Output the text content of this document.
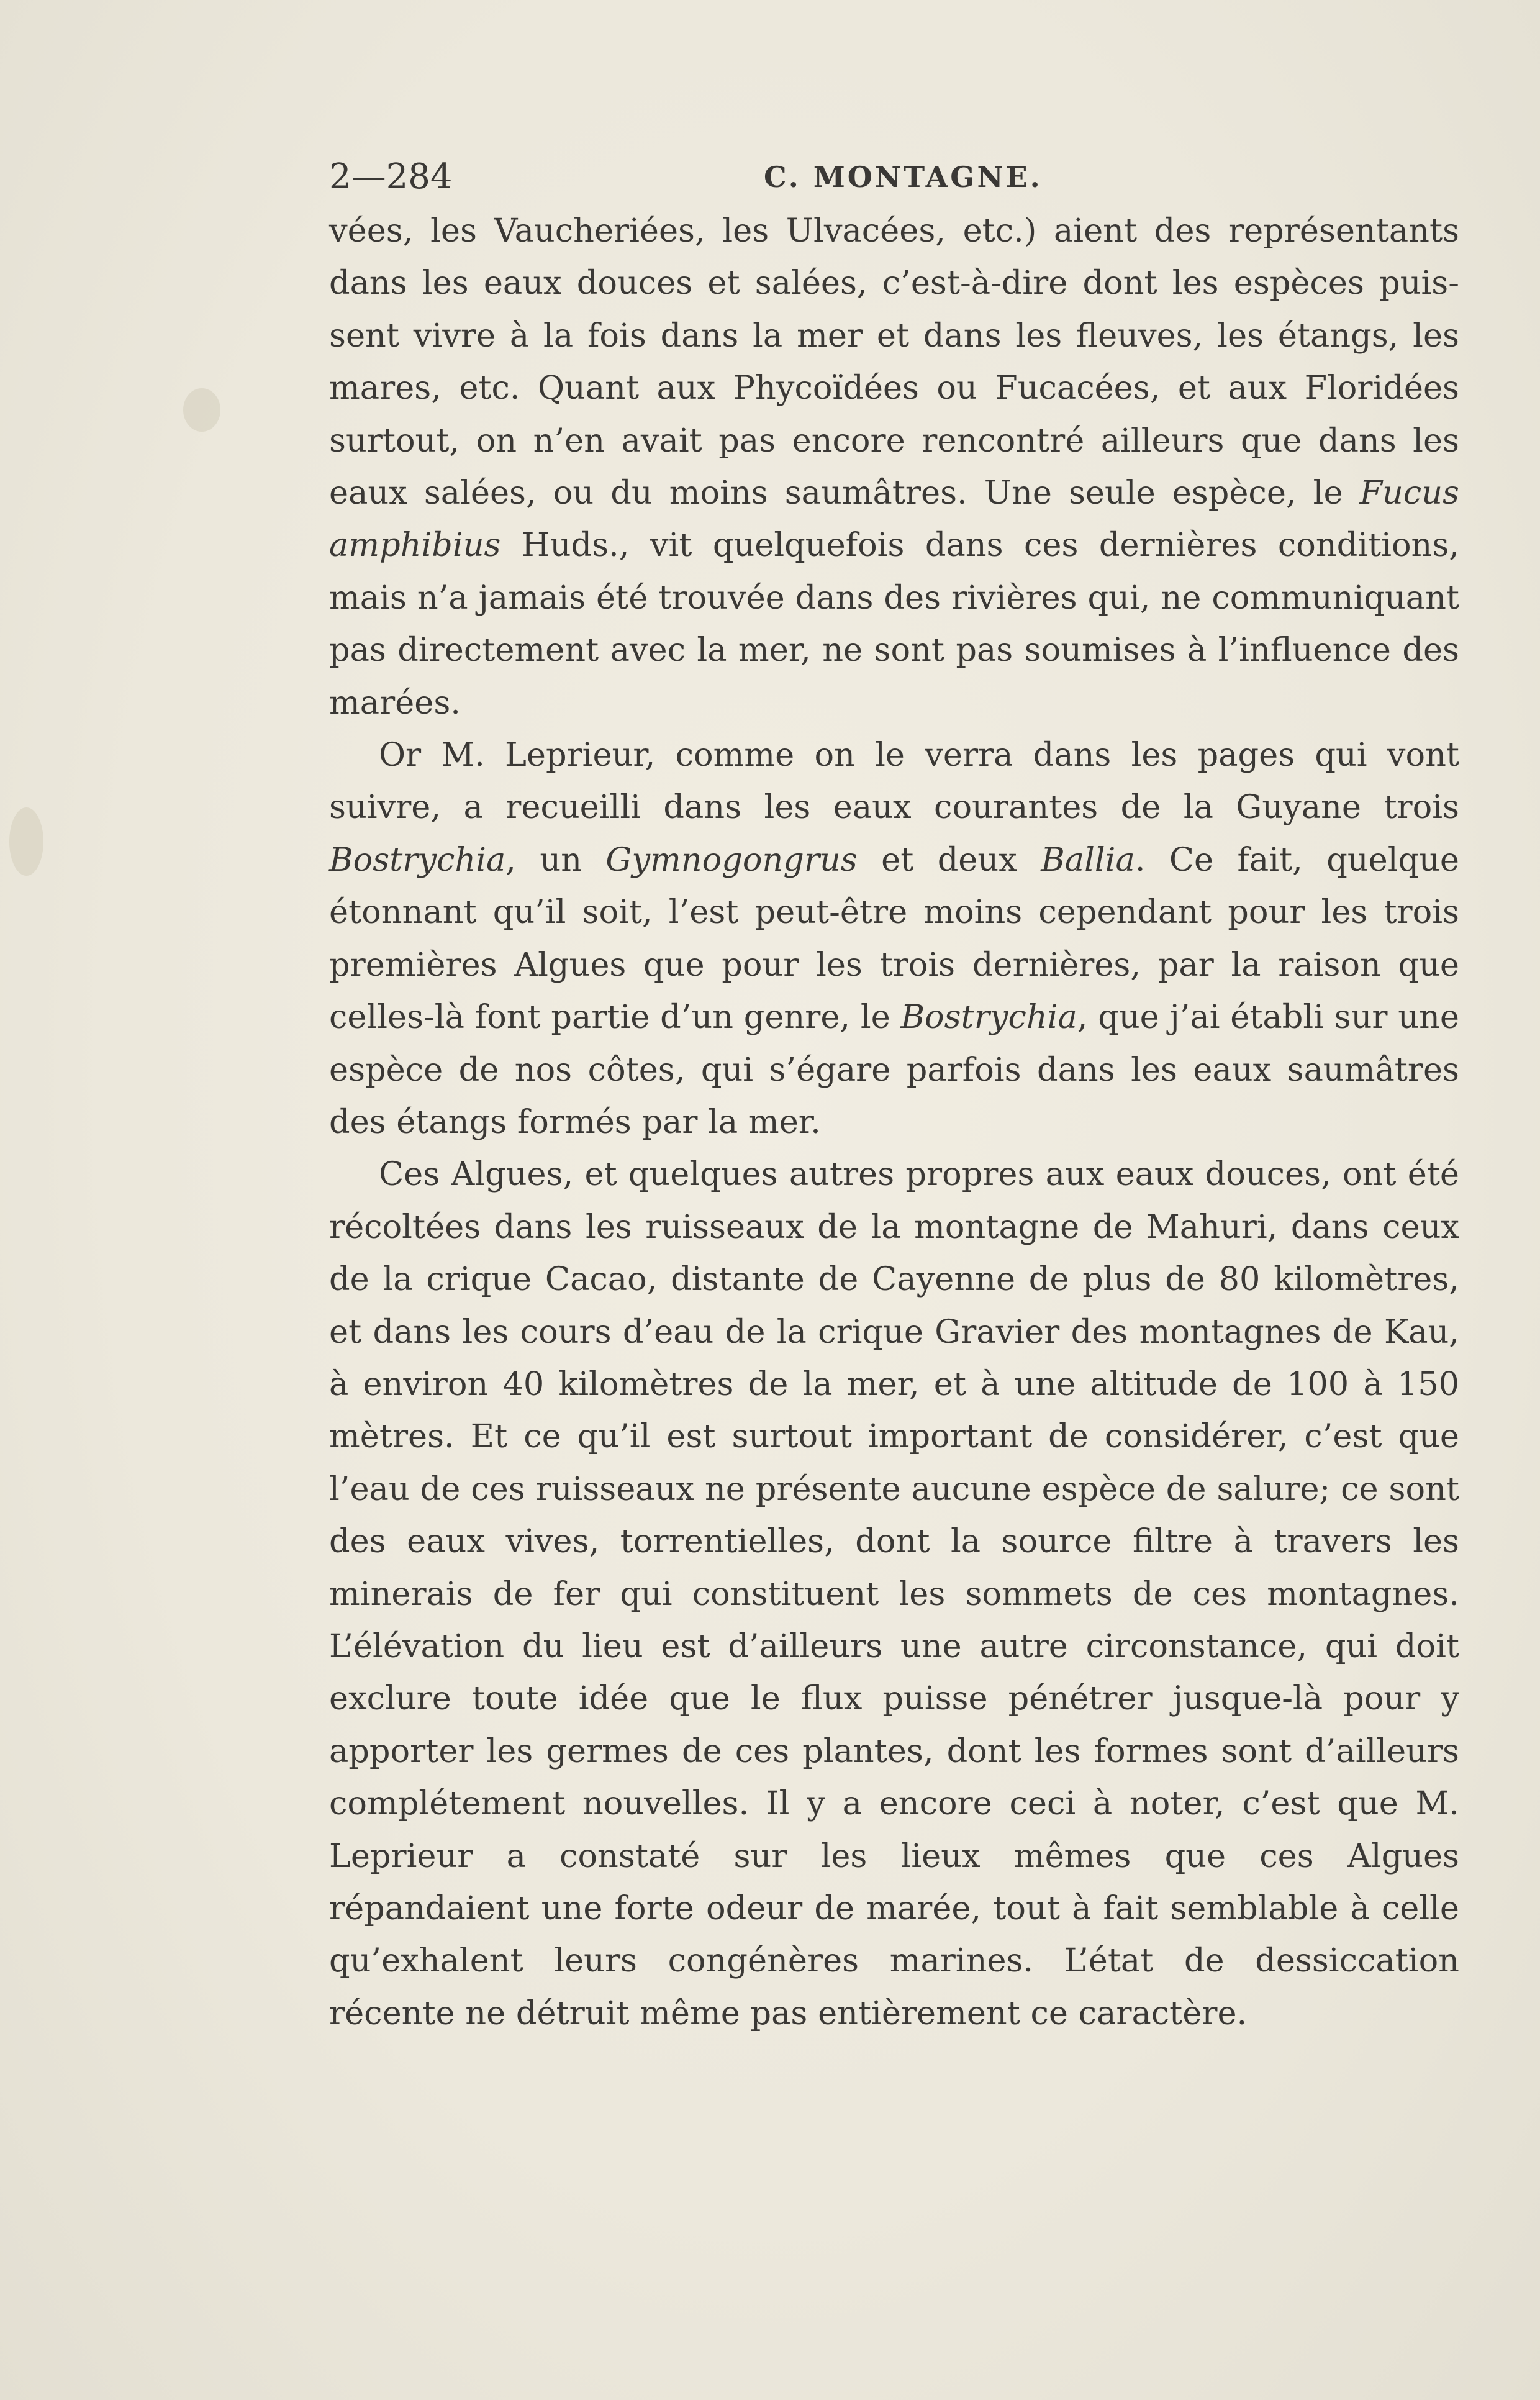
2—284	C. MONTAGNE.

vées, les Vaucheriées, les Ulvacées, etc.) aient des représentants dans les eaux douces et salées, c’est-à-dire dont les espèces puissent vivre à la fois dans la mer et dans les fleuves, les étangs, les mares, etc. Quant aux Phycoïdées ou Fucacées, et aux Floridées surtout, on n’en avait pas encore rencontré ailleurs que dans les eaux salées, ou du moins saumâtres. Une seule espèce, le Fucus amphibius Huds., vit quelquefois dans ces dernières conditions, mais n’a jamais été trouvée dans des rivières qui, ne communiquant pas directement avec la mer, ne sont pas soumises à l’influence des marées.

Or M. Leprieur, comme on le verra dans les pages qui vont suivre, a recueilli dans les eaux courantes de la Guyane trois Bostrychia, un Gymnogongrus et deux Ballia. Ce fait, quelque étonnant qu’il soit, l’est peut-être moins cependant pour les trois premières Algues que pour les trois dernières, par la raison que celles-là font partie d’un genre, le Bostrychia, que j’ai établi sur une espèce de nos côtes, qui s’égare parfois dans les eaux saumâtres des étangs formés par la mer.

Ces Algues, et quelques autres propres aux eaux douces, ont été récoltées dans les ruisseaux de la montagne de Mahuri, dans ceux de la crique Cacao, distante de Cayenne de plus de 80 kilomètres, et dans les cours d’eau de la crique Gravier des montagnes de Kau, à environ 40 kilomètres de la mer, et à une altitude de 100 à 150 mètres. Et ce qu’il est surtout important de considérer, c’est que l’eau de ces ruisseaux ne présente aucune espèce de salure; ce sont des eaux vives, torrentielles, dont la source filtre à travers les minerais de fer qui constituent les sommets de ces montagnes. L’élévation du lieu est d’ailleurs une autre circonstance, qui doit exclure toute idée que le flux puisse pénétrer jusque-là pour y apporter les germes de ces plantes, dont les formes sont d’ailleurs complétement nouvelles. Il y a encore ceci à noter, c’est que M. Leprieur a constaté sur les lieux mêmes que ces Algues répandaient une forte odeur de marée, tout à fait semblable à celle qu’exhalent leurs congénères marines. L’état de dessiccation récente ne détruit même pas entièrement ce caractère.
